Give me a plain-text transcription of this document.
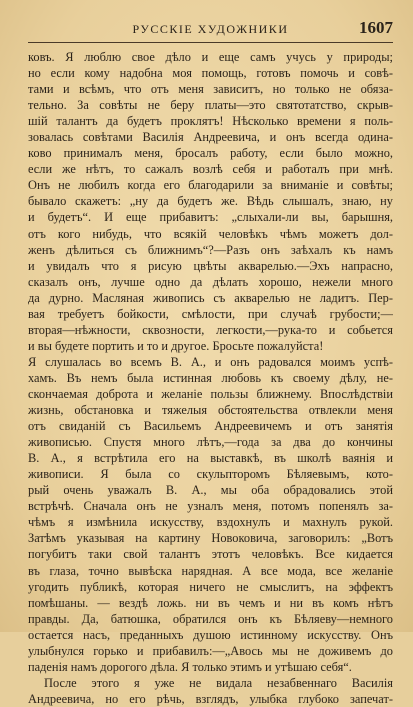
РУССКІЕ ХУДОЖНИКИ	1607
ковъ. Я люблю свое дѣло и еще самъ учусь у природы;
но если кому надобна моя помощь, готовъ помочь и совѣ-
тами и всѣмъ, что отъ меня зависитъ, но только не обяза-
тельно. За совѣты не беру платы—это святотатство, скрыв-
шій талантъ да будетъ проклятъ! Нѣсколько времени я поль-
зовалась совѣтами Василія Андреевича, и онъ всегда одина-
ково принималъ меня, бросалъ работу, если было можно,
если же нѣтъ, то сажалъ возлѣ себя и работалъ при мнѣ.
Онъ не любилъ когда его благодарили за вниманіе и совѣты;
бывало скажетъ: „ну да будетъ же. Вѣдь слышалъ, знаю, ну
и будетъ“. И еще прибавитъ: „слыхали-ли вы, барышня,
отъ кого нибудь, что всякій человѣкъ чѣмъ можетъ дол-
женъ дѣлиться съ ближнимъ“?—Разъ онъ заѣхалъ къ намъ
и увидалъ что я рисую цвѣты акварелью.—Эхъ напрасно,
сказалъ онъ, лучше одно да дѣлать хорошо, нежели много
да дурно. Масляная живопись съ акварелью не ладитъ. Пер-
вая требуетъ бойкости, смѣлости, при случаѣ грубости;—
вторая—нѣжности, сквозности, легкости,—рука-то и собьется
и вы будете портить и то и другое. Бросьте пожалуйста!
Я слушалась во всемъ В. А., и онъ радовался моимъ успѣ-
хамъ. Въ немъ была истинная любовь къ своему дѣлу, не-
скончаемая доброта и желаніе пользы ближнему. Впослѣдствіи
жизнь, обстановка и тяжелыя обстоятельства отвлекли меня
отъ свиданій съ Васильемъ Андреевичемъ и отъ занятія
живописью. Спустя много лѣтъ,—года за два до кончины
В. А., я встрѣтила его на выставкѣ, въ школѣ ваянія и
живописи. Я была со скульпторомъ Бѣляевымъ, кото-
рый очень уважалъ В. А., мы оба обрадовались этой
встрѣчѣ. Сначала онъ не узналъ меня, потомъ попенялъ за-
чѣмъ я измѣнила искусству, вздохнулъ и махнулъ рукой.
Затѣмъ указывая на картину Новоковича, заговорилъ: „Вотъ
погубитъ таки свой талантъ этотъ человѣкъ. Все кидается
въ глаза, точно вывѣска нарядная. А все мода, все желаніе
угодить публикѣ, которая ничего не смыслитъ, на эффектъ
помѣшаны. — вездѣ ложь. ни въ чемъ и ни въ комъ нѣтъ
правды. Да, батюшка, обратился онъ къ Бѣляеву—немного
остается насъ, преданныхъ душою истинному искусству. Онъ
улыбнулся горько и прибавилъ:—„Авось мы не доживемъ до
паденія намъ дорогого дѣла. Я только этимъ и утѣшаю себя“.
После этого я уже не видала незабвеннаго Василія
Андреевича, но его рѣчь, взглядъ, улыбка глубоко запечат-
